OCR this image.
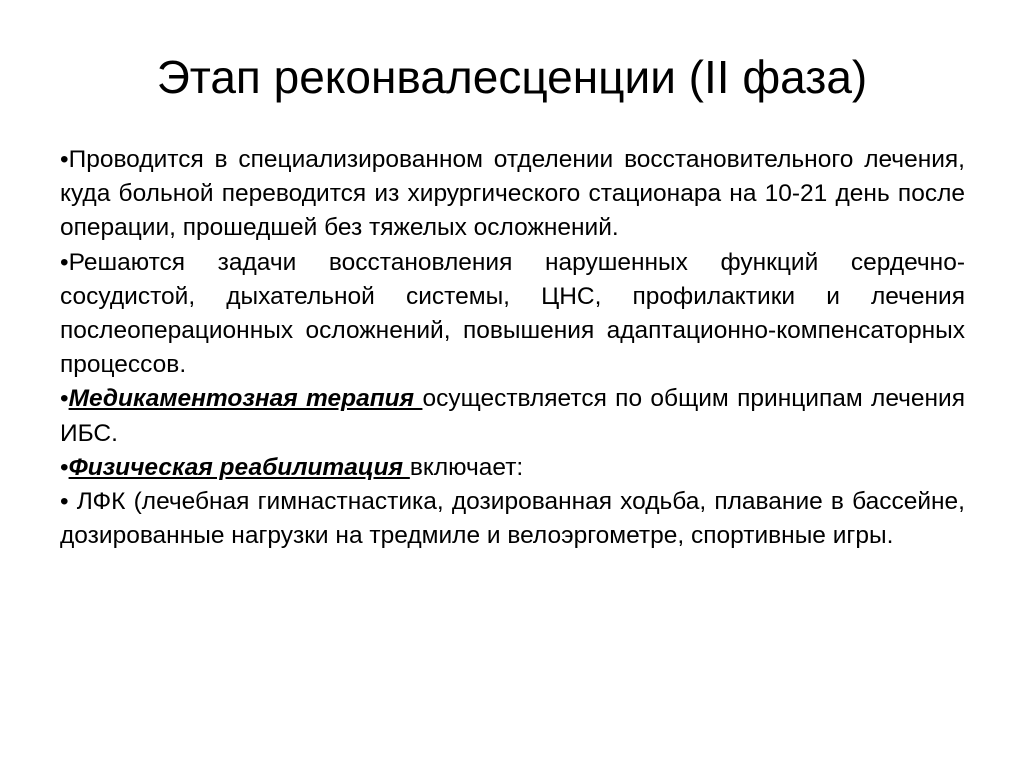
Этап реконвалесценции (II фаза)

•Проводится в специализированном отделении восстановительного лечения, куда больной переводится из хирургического стационара на 10-21 день после операции, прошедшей без тяжелых осложнений.

•Решаются задачи восстановления нарушенных функций сердечно-сосудистой, дыхательной системы, ЦНС, профилактики и лечения послеоперационных осложнений, повышения адаптационно-компенсаторных процессов.

•Медикаментозная терапия осуществляется по общим принципам лечения ИБС.

•Физическая реабилитация включает:

• ЛФК (лечебная гимнастнастика, дозированная ходьба, плавание в бассейне, дозированные нагрузки на тредмиле и велоэргометре, спортивные игры.
